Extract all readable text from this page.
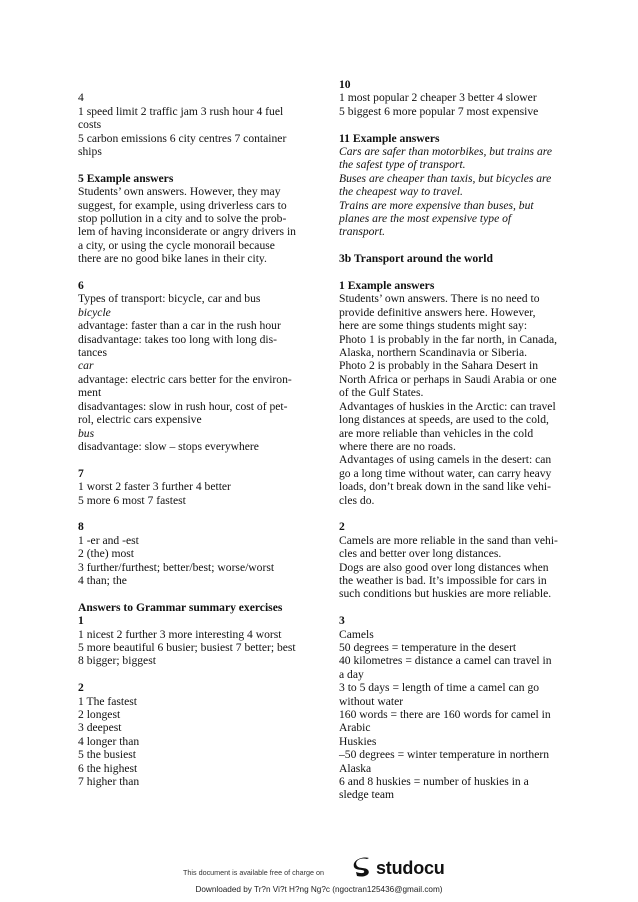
4
1 speed limit 2 traffic jam 3 rush hour 4 fuel
costs
5 carbon emissions 6 city centres 7 container
ships
5 Example answers
Students’ own answers. However, they may
suggest, for example, using driverless cars to
stop pollution in a city and to solve the prob-
lem of having inconsiderate or angry drivers in
a city, or using the cycle monorail because
there are no good bike lanes in their city.
6
Types of transport: bicycle, car and bus
bicycle
advantage: faster than a car in the rush hour
disadvantage: takes too long with long dis-
tances
car
advantage: electric cars better for the environ-
ment
disadvantages: slow in rush hour, cost of pet-
rol, electric cars expensive
bus
disadvantage: slow – stops everywhere
7
1 worst 2 faster 3 further 4 better
5 more 6 most 7 fastest
8
1 -er and -est
2 (the) most
3 further/furthest; better/best; worse/worst
4 than; the
Answers to Grammar summary exercises
1
1 nicest 2 further 3 more interesting 4 worst
5 more beautiful 6 busier; busiest 7 better; best
8 bigger; biggest
2
1 The fastest
2 longest
3 deepest
4 longer than
5 the busiest
6 the highest
7 higher than
10
1 most popular 2 cheaper 3 better 4 slower
5 biggest 6 more popular 7 most expensive
11 Example answers
Cars are safer than motorbikes, but trains are
the safest type of transport.
Buses are cheaper than taxis, but bicycles are
the cheapest way to travel.
Trains are more expensive than buses, but
planes are the most expensive type of
transport.
3b Transport around the world
1 Example answers
Students’ own answers. There is no need to
provide definitive answers here. However,
here are some things students might say:
Photo 1 is probably in the far north, in Canada,
Alaska, northern Scandinavia or Siberia.
Photo 2 is probably in the Sahara Desert in
North Africa or perhaps in Saudi Arabia or one
of the Gulf States.
Advantages of huskies in the Arctic: can travel
long distances at speeds, are used to the cold,
are more reliable than vehicles in the cold
where there are no roads.
Advantages of using camels in the desert: can
go a long time without water, can carry heavy
loads, don’t break down in the sand like vehi-
cles do.
2
Camels are more reliable in the sand than vehi-
cles and better over long distances.
Dogs are also good over long distances when
the weather is bad. It’s impossible for cars in
such conditions but huskies are more reliable.
3
Camels
50 degrees = temperature in the desert
40 kilometres = distance a camel can travel in
a day
3 to 5 days = length of time a camel can go
without water
160 words = there are 160 words for camel in
Arabic
Huskies
–50 degrees = winter temperature in northern
Alaska
6 and 8 huskies = number of huskies in a
sledge team
This document is available free of charge on	studocu
Downloaded by Tr?n Vi?t H?ng Ng?c (ngoctran125436@gmail.com)
